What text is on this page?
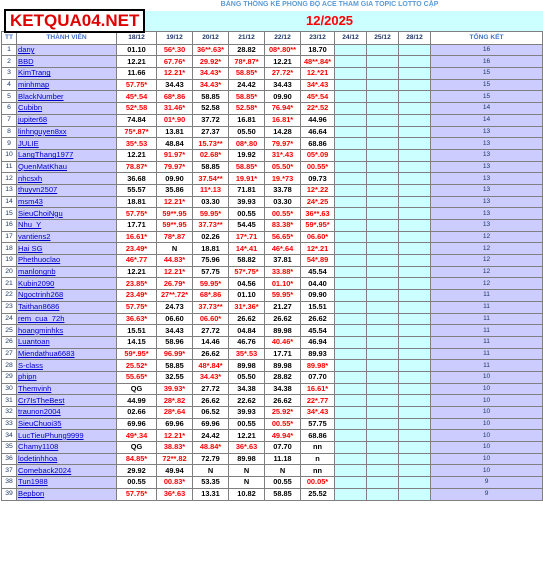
KETQUA04.NET
		BẢNG THỐNG KÊ PHONG ĐỘ ACE THAM GIA TOPIC LOTTO CẶP									
		12/2025									
TT	THÀNH VIÊN	18/12	19/12	20/12	21/12	22/12	23/12	24/12	25/12	28/12	TỔNG KẾT
1	dany	01.10	56*.30	36**.63*	28.82	08*.80**	18.70				16
2	BBD	12.21	67.76*	29.92*	78*.87*	12.21	48**.84*				16
3	KimTrang	11.66	12.21*	34.43*	58.85*	27.72*	12.*21				15
4	minhmap	57.75*	34.43	34.43*	24.42	34.43	34*.43				15
5	BlackNumber	45*.54	68*.86	58.85	58.85*	09.90	45*.54				15
6	Cubibn	52*.58	31.46*	52.58	52.58*	76.94*	22*.52				14
7	jupiter68	74.84	01*.90	37.72	16.81	16.81*	44.96				14
8	linhnguyen8xx	75*.87*	13.81	27.37	05.50	14.28	46.64				13
9	JULIE	35*.53	48.84	15.73**	08*.80	79.97*	68.86				13
10	LangThang1977	12.21	91.97*	02.68*	19.92	31*.43	05*.09				13
11	QuenMatKhau	78.87*	79.97*	58.85	58.85*	05.50*	00.55*				13
12	nhcsxh	36.68	09.90	37.54**	19.91*	19.*73	09.73				13
13	thuyvn2507	55.57	35.86	11*.13	71.81	33.78	12*.22				13
14	msm43	18.81	12.21*	03.30	39.93	03.30	24*.25				13
15	SieuChoiNgu	57.75*	59**.95	59.95*	00.55	00.55*	36**.63				13
16	Nhu_Y	17.71	59**.95	37.73**	54.45	83.38*	59*.95*				13
17	vantiens2	16.61*	78*.87	02.26	17*.71	56.65*	06.60*				12
18	Hai SG	23.49*	N	18.81	14*.41	46*.64	12*.21				12
19	Phethuoclao	46*.77	44.83*	75.96	58.82	37.81	54*.89				12
20	manlongnb	12.21	12.21*	57.75	57*.75*	33.88*	45.54				12
21	Kubin2090	23.85*	26.79*	59.95*	04.56	01.10*	04.40				12
22	Ngoctrinh268	23.49*	27**.72*	68*.86	01.10	59.95*	09.90				11
23	Taithan8686	57.75*	24.73	37.73**	31*.36*	21.27	15.51				11
24	rem_cua_72h	36.63*	06.60	06.60*	26.62	26.62	26.62				11
25	hoangminhks	15.51	34.43	27.72	04.84	89.98	45.54				11
26	Luantoan	14.15	58.96	14.46	46.76	40.46*	46.94				11
27	Miendathua6683	59*.95*	96.99*	26.62	35*.53	17.71	89.93				11
28	S-class	25.52*	58.85	48*.84*	89.98	89.98	89.98*				11
29	phipn	55.65*	32.55	34.43*	05.50	28.82	07.70				10
30	Themvinh	QG	39.93*	27.72	34.38	34.38	16.61*				10
31	Cr7IsTheBest	44.99	28*.82	26.62	22.62	26.62	22*.77				10
32	traunon2004	02.66	28*.64	06.52	39.93	25.92*	34*.43				10
33	SieuChuoi35	69.96	69.96	69.96	00.55	00.55*	57.75				10
34	LucTieuPhung9999	49*.34	12.21*	24.42	12.21	49.94*	68.86				10
35	Chamy1108	QG	38.83*	48.84*	36*.63	07.70	nn				10
36	lodetinhhoa	84.85*	72**.82	72.79	89.98	11.18	n				10
37	Comeback2024	29.92	49.94	N	N	N	nn				10
38	Tun1988	00.55	00.83*	53.35	N	00.55	00.05*				9
39	Bepbon	57.75*	36*.63	13.31	10.82	58.85	25.52				9
